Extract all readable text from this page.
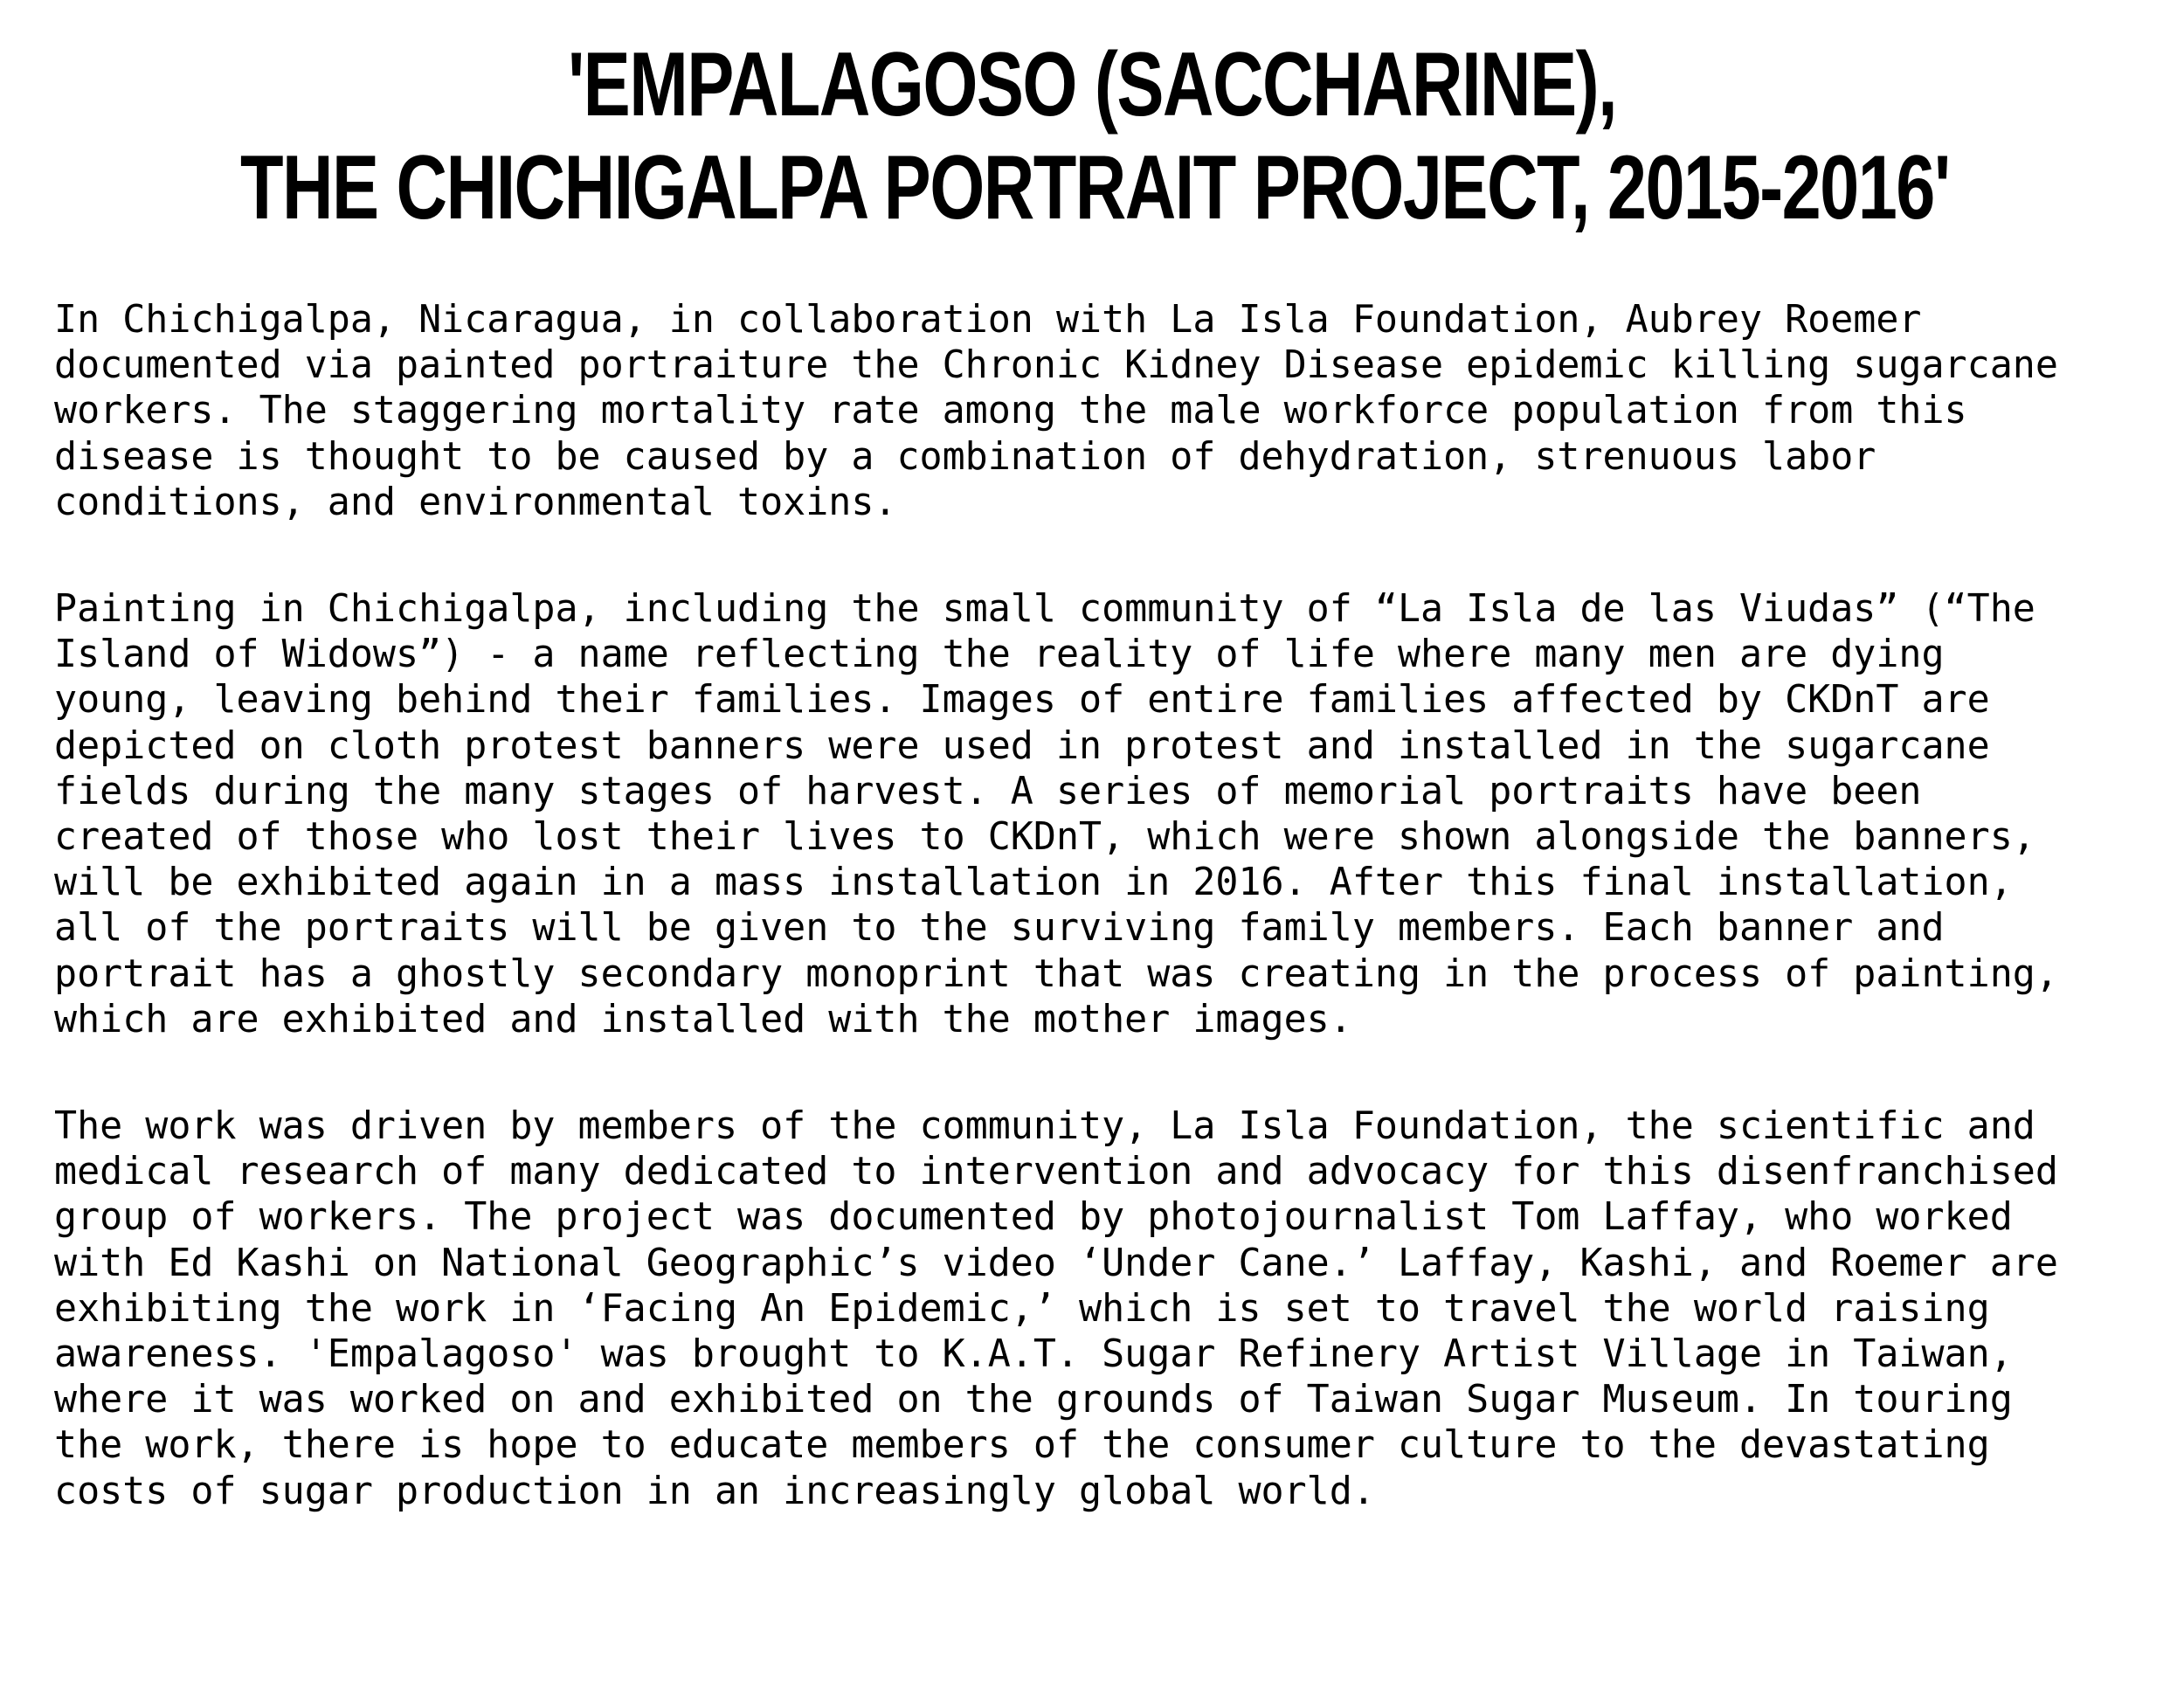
'EMPALAGOSO (SACCHARINE),
THE CHICHIGALPA PORTRAIT PROJECT, 2015-2016'

In Chichigalpa, Nicaragua, in collaboration with La Isla Foundation, Aubrey Roemer
documented via painted portraiture the Chronic Kidney Disease epidemic killing sugarcane
workers. The staggering mortality rate among the male workforce population from this
disease is thought to be caused by a combination of dehydration, strenuous labor
conditions, and environmental toxins.

Painting in Chichigalpa, including the small community of “La Isla de las Viudas” (“The
Island of Widows”) - a name reflecting the reality of life where many men are dying
young, leaving behind their families. Images of entire families affected by CKDnT are
depicted on cloth protest banners were used in protest and installed in the sugarcane
fields during the many stages of harvest. A series of memorial portraits have been
created of those who lost their lives to CKDnT, which were shown alongside the banners,
will be exhibited again in a mass installation in 2016. After this final installation,
all of the portraits will be given to the surviving family members. Each banner and
portrait has a ghostly secondary monoprint that was creating in the process of painting,
which are exhibited and installed with the mother images.

The work was driven by members of the community, La Isla Foundation, the scientific and
medical research of many dedicated to intervention and advocacy for this disenfranchised
group of workers. The project was documented by photojournalist Tom Laffay, who worked
with Ed Kashi on National Geographic’s video ‘Under Cane.’ Laffay, Kashi, and Roemer are
exhibiting the work in ‘Facing An Epidemic,’ which is set to travel the world raising
awareness. 'Empalagoso' was brought to K.A.T. Sugar Refinery Artist Village in Taiwan,
where it was worked on and exhibited on the grounds of Taiwan Sugar Museum. In touring
the work, there is hope to educate members of the consumer culture to the devastating
costs of sugar production in an increasingly global world.
